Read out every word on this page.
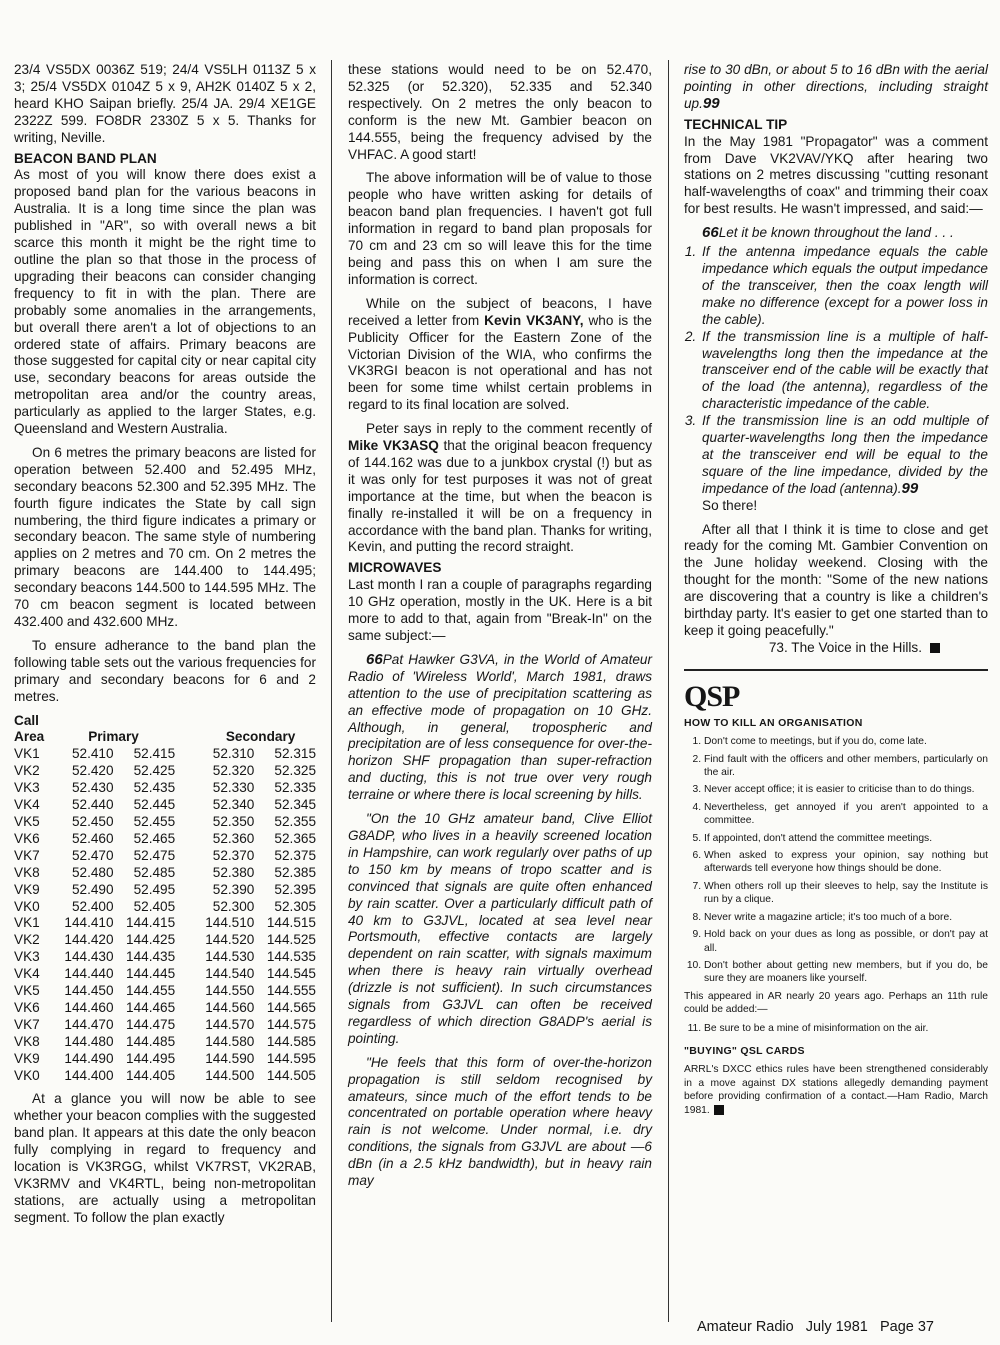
23/4 VS5DX 0036Z 519; 24/4 VS5LH 0113Z 5 x 3; 25/4 VS5DX 0104Z 5 x 9, AH2K 0140Z 5 x 2, heard KHO Saipan briefly. 25/4 JA. 29/4 XE1GE 2322Z 599. FO8DR 2330Z 5 x 5. Thanks for writing, Neville.

BEACON BAND PLAN

As most of you will know there does exist a proposed band plan for the various beacons in Australia. It is a long time since the plan was published in "AR", so with overall news a bit scarce this month it might be the right time to outline the plan so that those in the process of upgrading their beacons can consider changing frequency to fit in with the plan. There are probably some anomalies in the arrangements, but overall there aren't a lot of objections to an ordered state of affairs. Primary beacons are those suggested for capital city or near capital city use, secondary beacons for areas outside the metropolitan area and/or the country areas, particularly as applied to the larger States, e.g. Queensland and Western Australia.

On 6 metres the primary beacons are listed for operation between 52.400 and 52.495 MHz, secondary beacons 52.300 and 52.395 MHz. The fourth figure indicates the State by call sign numbering, the third figure indicates a primary or secondary beacon. The same style of numbering applies on 2 metres and 70 cm. On 2 metres the primary beacons are 144.400 to 144.495; secondary beacons 144.500 to 144.595 MHz. The 70 cm beacon segment is located between 432.400 and 432.600 MHz.

To ensure adherance to the band plan the following table sets out the various frequencies for primary and secondary beacons for 6 and 2 metres.

Call				
Area	Primary		Secondary	
VK1	52.410	52.415	52.310	52.315
VK2	52.420	52.425	52.320	52.325
VK3	52.430	52.435	52.330	52.335
VK4	52.440	52.445	52.340	52.345
VK5	52.450	52.455	52.350	52.355
VK6	52.460	52.465	52.360	52.365
VK7	52.470	52.475	52.370	52.375
VK8	52.480	52.485	52.380	52.385
VK9	52.490	52.495	52.390	52.395
VK0	52.400	52.405	52.300	52.305
VK1	144.410	144.415	144.510	144.515
VK2	144.420	144.425	144.520	144.525
VK3	144.430	144.435	144.530	144.535
VK4	144.440	144.445	144.540	144.545
VK5	144.450	144.455	144.550	144.555
VK6	144.460	144.465	144.560	144.565
VK7	144.470	144.475	144.570	144.575
VK8	144.480	144.485	144.580	144.585
VK9	144.490	144.495	144.590	144.595
VK0	144.400	144.405	144.500	144.505

At a glance you will now be able to see whether your beacon complies with the suggested band plan. It appears at this date the only beacon fully complying in regard to frequency and location is VK3RGG, whilst VK7RST, VK2RAB, VK3RMV and VK4RTL, being non-metropolitan stations, are actually using a metropolitan segment. To follow the plan exactly

these stations would need to be on 52.470, 52.325 (or 52.320), 52.335 and 52.340 respectively. On 2 metres the only beacon to conform is the new Mt. Gambier beacon on 144.555, being the frequency advised by the VHFAC. A good start!

The above information will be of value to those people who have written asking for details of beacon band plan frequencies. I haven't got full information in regard to band plan proposals for 70 cm and 23 cm so will leave this for the time being and pass this on when I am sure the information is correct.

While on the subject of beacons, I have received a letter from Kevin VK3ANY, who is the Publicity Officer for the Eastern Zone of the Victorian Division of the WIA, who confirms the VK3RGI beacon is not operational and has not been for some time whilst certain problems in regard to its final location are solved.

Peter says in reply to the comment recently of Mike VK3ASQ that the original beacon frequency of 144.162 was due to a junkbox crystal (!) but as it was only for test purposes it was not of great importance at the time, but when the beacon is finally re-installed it will be on a frequency in accordance with the band plan. Thanks for writing, Kevin, and putting the record straight.

MICROWAVES

Last month I ran a couple of paragraphs regarding 10 GHz operation, mostly in the UK. Here is a bit more to add to that, again from "Break-In" on the same subject:—

66Pat Hawker G3VA, in the World of Amateur Radio of 'Wireless World', March 1981, draws attention to the use of precipitation scattering as an effective mode of propagation on 10 GHz. Although, in general, tropospheric and precipitation are of less consequence for over-the-horizon SHF propagation than super-refraction and ducting, this is not true over very rough terraine or where there is local screening by hills.

"On the 10 GHz amateur band, Clive Elliot G8ADP, who lives in a heavily screened location in Hampshire, can work regularly over paths of up to 150 km by means of tropo scatter and is convinced that signals are quite often enhanced by rain scatter. Over a particularly difficult path of 40 km to G3JVL, located at sea level near Portsmouth, effective contacts are largely dependent on rain scatter, with signals maximum when there is heavy rain virtually overhead (drizzle is not sufficient). In such circumstances signals from G3JVL can often be received regardless of which direction G8ADP's aerial is pointing.

"He feels that this form of over-the-horizon propagation is still seldom recognised by amateurs, since much of the effort tends to be concentrated on portable operation where heavy rain is not welcome. Under normal, i.e. dry conditions, the signals from G3JVL are about —6 dBn (in a 2.5 kHz bandwidth), but in heavy rain may

rise to 30 dBn, or about 5 to 16 dBn with the aerial pointing in other directions, including straight up.99

TECHNICAL TIP

In the May 1981 "Propagator" was a comment from Dave VK2VAV/YKQ after hearing two stations on 2 metres discussing "cutting resonant half-wavelengths of coax" and trimming their coax for best results. He wasn't impressed, and said:—

66Let it be known throughout the land . . .

1. If the antenna impedance equals the cable impedance which equals the output impedance of the transceiver, then the coax length will make no difference (except for a power loss in the cable).
2. If the transmission line is a multiple of half-wavelengths long then the impedance at the transceiver end of the cable will be exactly that of the load (the antenna), regardless of the characteristic impedance of the cable.
3. If the transmission line is an odd multiple of quarter-wavelengths long then the impedance at the transceiver end will be equal to the square of the line impedance, divided by the impedance of the load (antenna).99

So there!

After all that I think it is time to close and get ready for the coming Mt. Gambier Convention on the June holiday weekend. Closing with the thought for the month: "Some of the new nations are discovering that a country is like a children's birthday party. It's easier to get one started than to keep it going peacefully."

73. The Voice in the Hills.

QSP
HOW TO KILL AN ORGANISATION
1. Don't come to meetings, but if you do, come late.
2. Find fault with the officers and other members, particularly on the air.
3. Never accept office; it is easier to criticise than to do things.
4. Nevertheless, get annoyed if you aren't appointed to a committee.
5. If appointed, don't attend the committee meetings.
6. When asked to express your opinion, say nothing but afterwards tell everyone how things should be done.
7. When others roll up their sleeves to help, say the Institute is run by a clique.
8. Never write a magazine article; it's too much of a bore.
9. Hold back on your dues as long as possible, or don't pay at all.
10. Don't bother about getting new members, but if you do, be sure they are moaners like yourself.

This appeared in AR nearly 20 years ago. Perhaps an 11th rule could be added:—

11. Be sure to be a mine of misinformation on the air.
"BUYING" QSL CARDS

ARRL's DXCC ethics rules have been strengthened considerably in a move against DX stations allegedly demanding payment before providing confirmation of a contact.—Ham Radio, March 1981.

Amateur Radio   July 1981   Page 37
